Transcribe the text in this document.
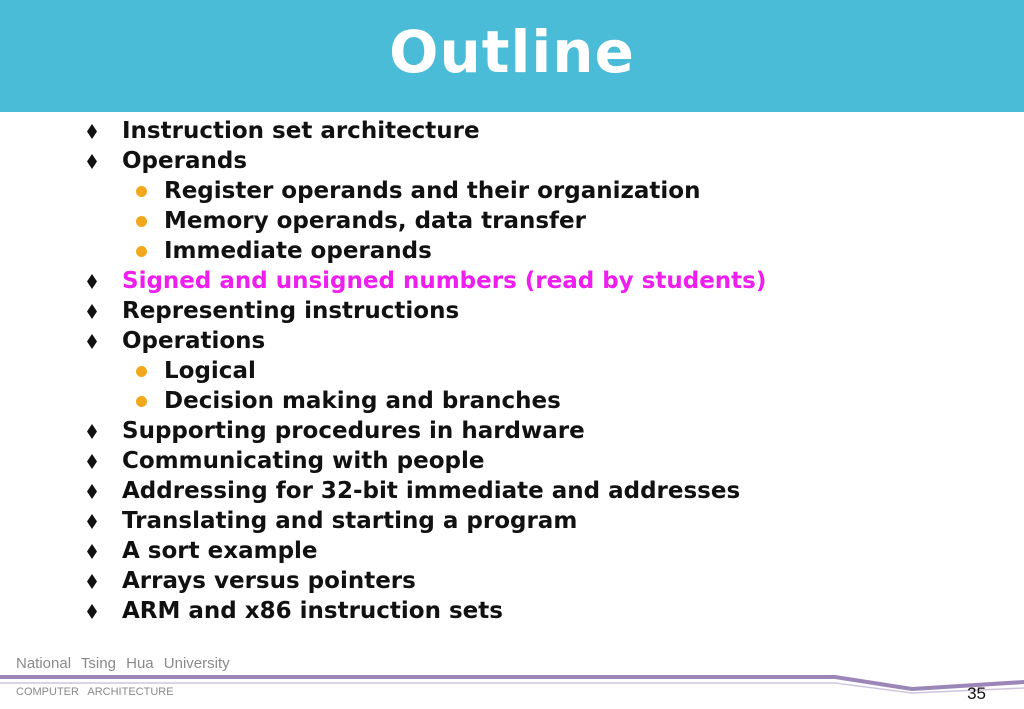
Outline
Instruction set architecture
Operands
Register operands and their organization
Memory operands, data transfer
Immediate operands
Signed and unsigned numbers (read by students)
Representing instructions
Operations
Logical
Decision making and branches
Supporting procedures in hardware
Communicating with people
Addressing for 32-bit immediate and addresses
Translating and starting a program
A sort example
Arrays versus pointers
ARM and x86 instruction sets
National Tsing Hua University
COMPUTER ARCHITECTURE	35
